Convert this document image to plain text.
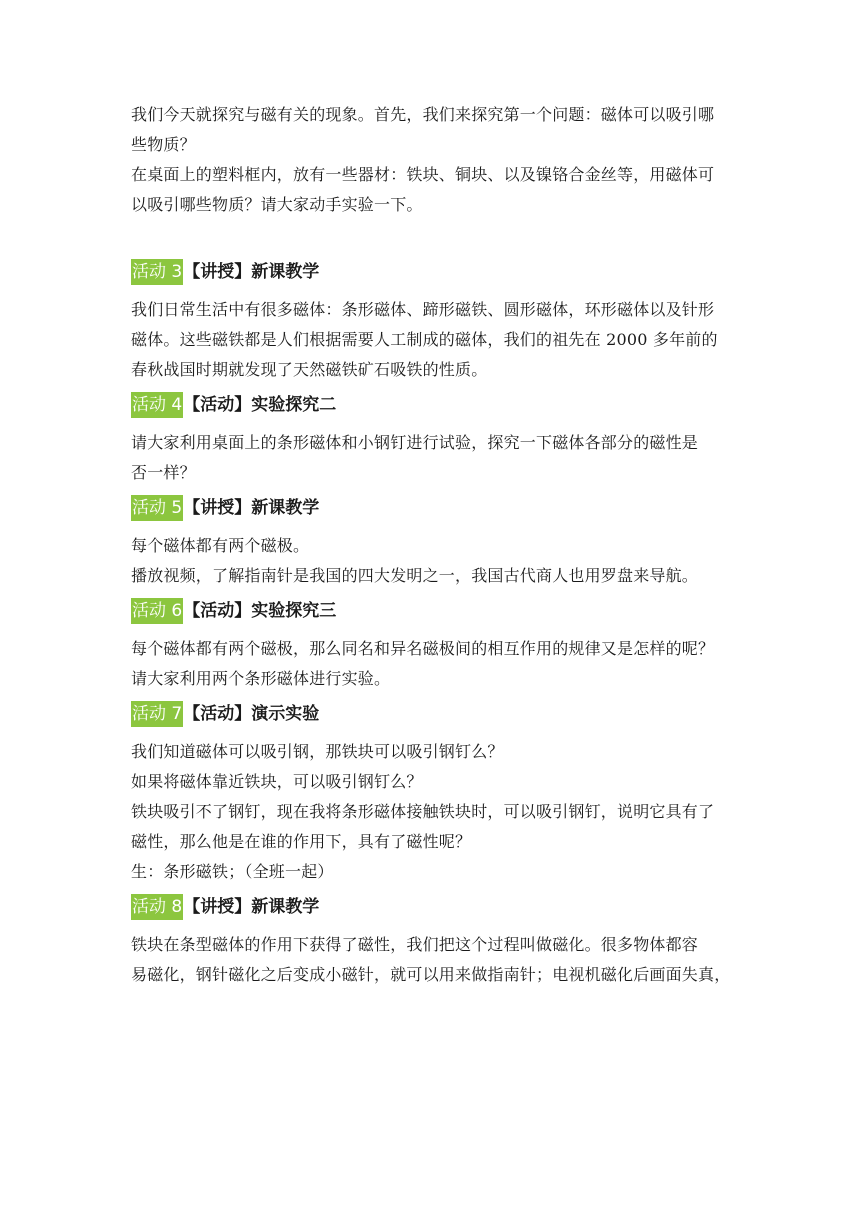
我们今天就探究与磁有关的现象。首先，我们来探究第一个问题：磁体可以吸引哪

些物质？

在桌面上的塑料框内，放有一些器材：铁块、铜块、以及镍铬合金丝等，用磁体可

以吸引哪些物质？请大家动手实验一下。

活动 3 【讲授】新课教学

我们日常生活中有很多磁体：条形磁体、蹄形磁铁、圆形磁体，环形磁体以及针形

磁体。这些磁铁都是人们根据需要人工制成的磁体，我们的祖先在 2000 多年前的

春秋战国时期就发现了天然磁铁矿石吸铁的性质。

活动 4 【活动】实验探究二

请大家利用桌面上的条形磁体和小钢钉进行试验，探究一下磁体各部分的磁性是

否一样？

活动 5 【讲授】新课教学

每个磁体都有两个磁极。

播放视频，了解指南针是我国的四大发明之一，我国古代商人也用罗盘来导航。

活动 6 【活动】实验探究三

每个磁体都有两个磁极，那么同名和异名磁极间的相互作用的规律又是怎样的呢？

请大家利用两个条形磁体进行实验。

活动 7 【活动】演示实验

我们知道磁体可以吸引钢，那铁块可以吸引钢钉么？

如果将磁体靠近铁块，可以吸引钢钉么？

铁块吸引不了钢钉，现在我将条形磁体接触铁块时，可以吸引钢钉，说明它具有了

磁性，那么他是在谁的作用下，具有了磁性呢？

生：条形磁铁；（全班一起）

活动 8 【讲授】新课教学

铁块在条型磁体的作用下获得了磁性，我们把这个过程叫做磁化。很多物体都容

易磁化，钢针磁化之后变成小磁针，就可以用来做指南针；电视机磁化后画面失真，
